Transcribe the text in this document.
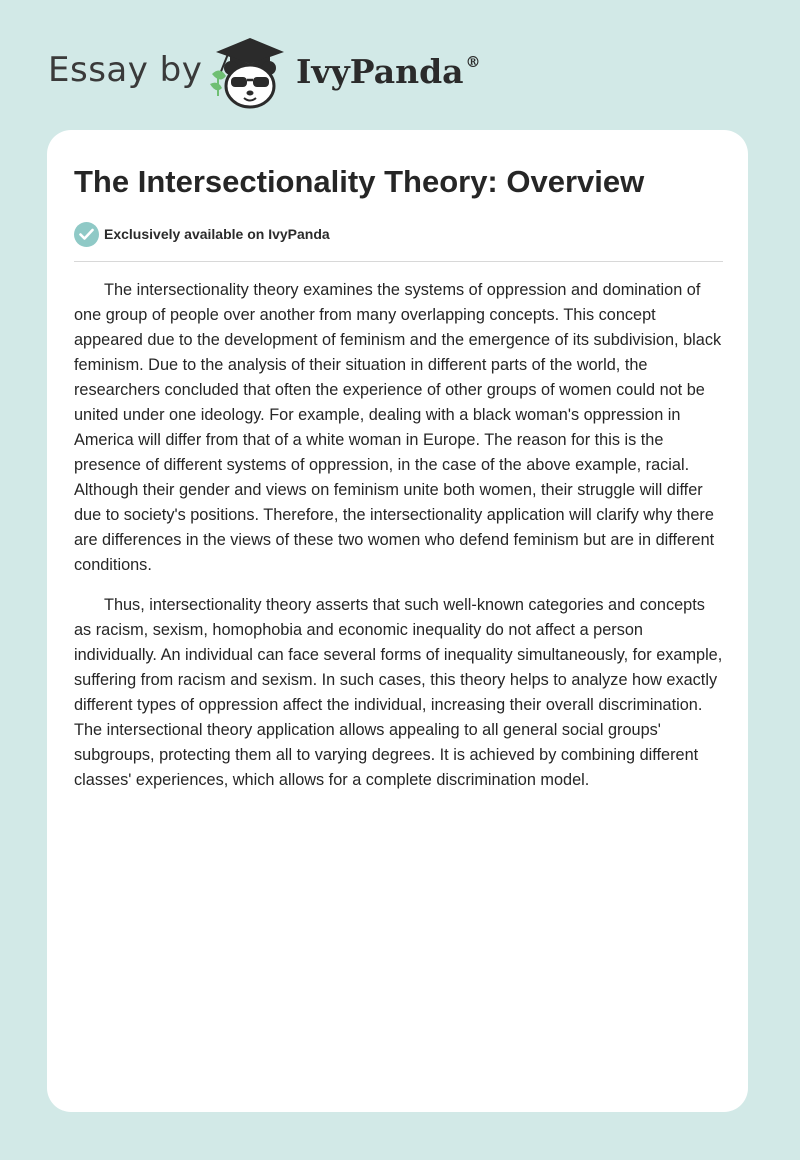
Essay by	IvyPanda ®
The Intersectionality Theory: Overview
Exclusively available on IvyPanda

The intersectionality theory examines the systems of oppression and domination of one group of people over another from many overlapping concepts. This concept appeared due to the development of feminism and the emergence of its subdivision, black feminism. Due to the analysis of their situation in different parts of the world, the researchers concluded that often the experience of other groups of women could not be united under one ideology. For example, dealing with a black woman's oppression in America will differ from that of a white woman in Europe. The reason for this is the presence of different systems of oppression, in the case of the above example, racial. Although their gender and views on feminism unite both women, their struggle will differ due to society's positions. Therefore, the intersectionality application will clarify why there are differences in the views of these two women who defend feminism but are in different conditions.

Thus, intersectionality theory asserts that such well-known categories and concepts as racism, sexism, homophobia and economic inequality do not affect a person individually. An individual can face several forms of inequality simultaneously, for example, suffering from racism and sexism. In such cases, this theory helps to analyze how exactly different types of oppression affect the individual, increasing their overall discrimination. The intersectional theory application allows appealing to all general social groups' subgroups, protecting them all to varying degrees. It is achieved by combining different classes' experiences, which allows for a complete discrimination model.
